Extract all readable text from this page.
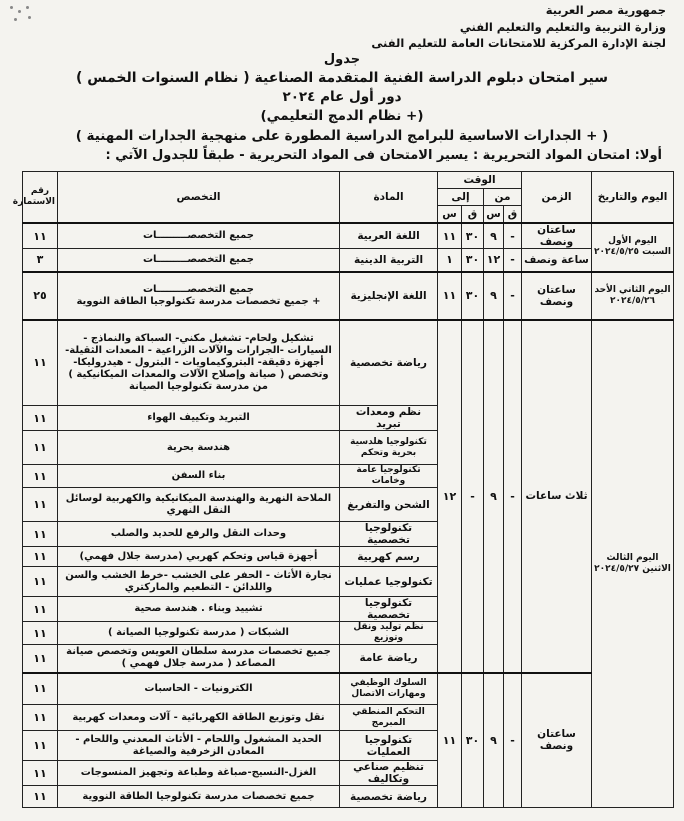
جمهورية مصر العربية
وزارة التربية والتعليم والتعليم الفني
لجنة الإدارة المركزية للامتحانات العامة للتعليم الفنى
جدول
سير امتحان دبلوم الدراسة الفنية المتقدمة الصناعية ( نظام السنوات الخمس )
دور أول عام ٢٠٢٤
(+ نظام الدمج التعليمي)
( + الجدارات الاساسية للبرامج الدراسية المطورة على منهجية الجدارات المهنية )
أولا: امتحان المواد التحريرية : يسير الامتحان فى المواد التحريرية - طبقاً للجدول الآتي :
اليوم والتاريخ	الزمن	الوقت				المادة	التخصص	رقم الاستمارة
		من		إلى				
		ق	س	ق	س			
اليوم الأول السبت ٢٠٢٤/٥/٢٥	ساعتان ونصف	-	٩	٣٠	١١	اللغة العربية	جميع التخصصـــــــــات	١١
	ساعة ونصف	-	١٢	٣٠	١	التربية الدينية	جميع التخصصـــــــــات	٣
اليوم الثاني الأحد ٢٠٢٤/٥/٢٦	ساعتان ونصف	-	٩	٣٠	١١	اللغة الإنجليزية	جميع التخصصـــــــــات
+ جميع تخصصات مدرسة تكنولوجيا الطاقة النووية	٢٥
اليوم الثالث الاثنين ٢٠٢٤/٥/٢٧	ثلاث ساعات	-	٩	-	١٢	رياضة تخصصية	تشكيل ولحام- تشغيل مكني- السباكة والنماذج - السيارات -الجرارات والآلات الزراعية - المعدات الثقيلة- أجهزة دقيقة- البتروكيماويات - البترول - هيدروليكا- وتخصص ( صيانة وإصلاح الآلات والمعدات الميكانيكية ) من مدرسة تكنولوجيا الصيانة	١١
						نظم ومعدات تبريد	التبريد وتكييف الهواء	١١
						تكنولوجيا هلدسية بحرية وتحكم	هندسة بحرية	١١
						تكنولوجيا عامة وخامات	بناء السفن	١١
						الشحن والتفريغ	الملاحة النهرية والهندسة الميكانيكية والكهربية لوسائل النقل النهري	١١
						تكنولوجيا تخصصية	وحدات النقل والرفع للحديد والصلب	١١
						رسم كهربية	أجهزة قياس وتحكم كهربي (مدرسة جلال فهمي)	١١
						تكنولوجيا عمليات	نجارة الأثاث - الحفر على الخشب -خرط الخشب والسن واللدائن - التطعيم والماركتري	١١
						تكنولوجيا تخصصية	تشييد وبناء . هندسة صحية	١١
						نظم توليد ونقل وتوزيع	الشبكات ( مدرسة تكنولوجيا الصيانة )	١١
						رياضة عامة	جميع تخصصات مدرسة سلطان العويس وتخصص صيانة المصاعد ( مدرسة جلال فهمي )	١١
	ساعتان ونصف	-	٩	٣٠	١١	السلوك الوظيفي ومهارات الاتصال	الكترونيات - الحاسبات	١١
						التحكم المنطقي المبرمج	نقل وتوزيع الطاقة الكهربائية - آلات ومعدات كهربية	١١
						تكنولوجيا العمليات	الحديد المشغول واللحام - الأثاث المعدني واللحام - المعادن الزخرفية والصياغة	١١
						تنظيم صناعي وتكاليف	الغزل-النسيج-صباغة وطباعة وتجهيز المنسوجات	١١
						رياضة تخصصية	جميع تخصصات مدرسة تكنولوجيا الطاقة النووية	١١
